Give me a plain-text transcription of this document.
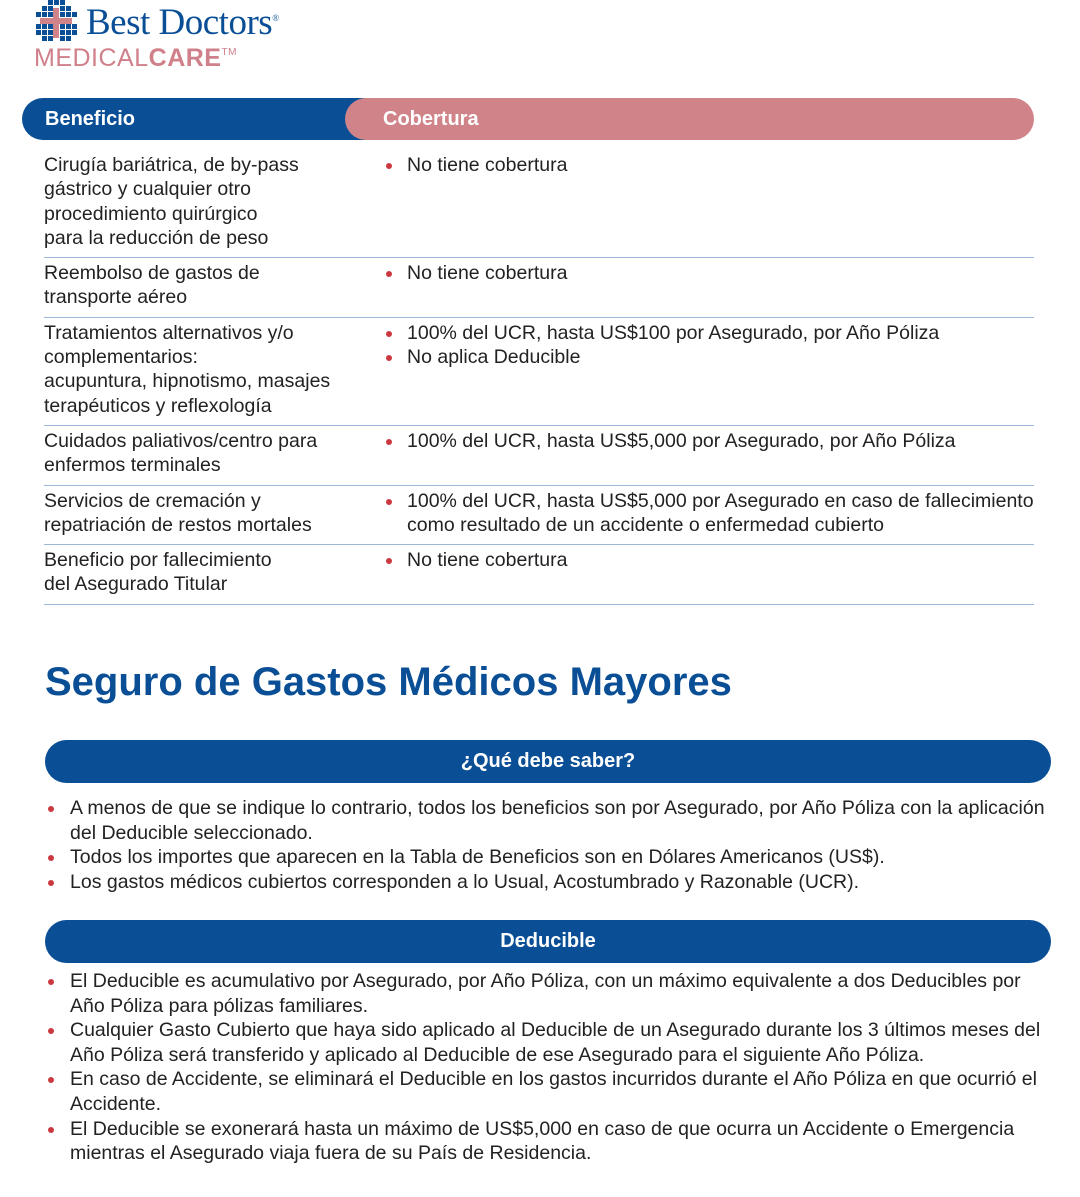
Best Doctors®
MEDICALCARE™
Beneficio	Cobertura
Cirugía bariátrica, de by-pass
gástrico y cualquier otro
procedimiento quirúrgico
para la reducción de peso
No tiene cobertura
Reembolso de gastos de
transporte aéreo
No tiene cobertura
Tratamientos alternativos y/o
complementarios:
acupuntura, hipnotismo, masajes
terapéuticos y reflexología
100% del UCR, hasta US$100 por Asegurado, por Año Póliza
No aplica Deducible
Cuidados paliativos/centro para
enfermos terminales
100% del UCR, hasta US$5,000 por Asegurado, por Año Póliza
Servicios de cremación y
repatriación de restos mortales
100% del UCR, hasta US$5,000 por Asegurado en caso de fallecimiento como resultado de un accidente o enfermedad cubierto
Beneficio por fallecimiento
del Asegurado Titular
No tiene cobertura
Seguro de Gastos Médicos Mayores
¿Qué debe saber?
A menos de que se indique lo contrario, todos los beneficios son por Asegurado, por Año Póliza con la aplicación del Deducible seleccionado.
Todos los importes que aparecen en la Tabla de Beneficios son en Dólares Americanos (US$).
Los gastos médicos cubiertos corresponden a lo Usual, Acostumbrado y Razonable (UCR).
Deducible
El Deducible es acumulativo por Asegurado, por Año Póliza, con un máximo equivalente a dos Deducibles por Año Póliza para pólizas familiares.
Cualquier Gasto Cubierto que haya sido aplicado al Deducible de un Asegurado durante los 3 últimos meses del Año Póliza será transferido y aplicado al Deducible de ese Asegurado para el siguiente Año Póliza.
En caso de Accidente, se eliminará el Deducible en los gastos incurridos durante el Año Póliza en que ocurrió el Accidente.
El Deducible se exonerará hasta un máximo de US$5,000 en caso de que ocurra un Accidente o Emergencia mientras el Asegurado viaja fuera de su País de Residencia.
